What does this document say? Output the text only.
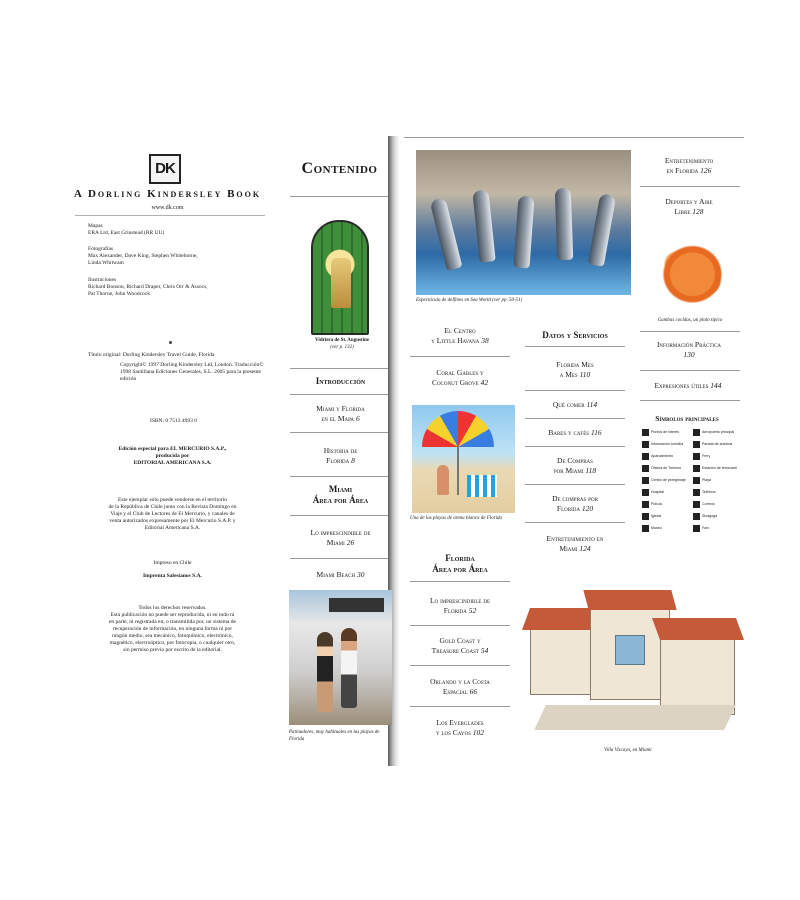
DK
A Dorling Kindersley Book
www.dk.com
Mapas
ERA Ltd, East Grinstead (RR UU)
Fotografías
Max Alexander, Dave King, Stephen Whitehorne,
Linda Whitwam
Ilustraciones
Richard Bonson, Richard Draper, Chris Orr & Assocs,
Pat Thorne, John Woodcock
Título original: Dorling Kindersley Travel Guide, Florida
Copyright© 1997 Dorling Kindersley Ltd, London. Traducción© 1998 Santillana Ediciones Generales, S.L. 2005 para la presente edición
ISBN: 0 7513 4993 0
Edición especial para EL MERCURIO S.A.P.,
producida por
EDITORIAL AMERICANA S.A.
Este ejemplar sólo puede venderse en el territorio
de la República de Chile junto con la Revista Domingo en
Viaje y el Club de Lectores de El Mercurio, y canales de
venta autorizados expresamente por El Mercurio S.A.P. y
Editorial Americana S.A.
Impreso en Chile
Imprenta Salesianos S.A.
Todos los derechos reservados.
Esta publicación no puede ser reproducida, ni en todo ni
en parte, ni registrada en, o transmitida por, un sistema de
recuperación de información, en ninguna forma ni por
ningún medio, sea mecánico, fotoquímico, electrónico,
magnético, electroóptico, por fotocopia, o cualquier otro,
sin permiso previo por escrito de la editorial.
Contenido
Vidriera de St. Augustine
(ver p. 132)
Introducción
Miami y Florida
en el Mapa 6
Historia de
Florida 8
Miami
Área por Área
Lo imprescindible de
Miami 26
Miami Beach 30
Patinadores, muy habituales en las playas de Florida
Espectáculo de delfines en Sea World (ver pp. 50-51)
El Centro
y Little Havana 38
Coral Gables y
Coconut Grove 42
Una de las playas de arena blanca de Florida
Florida
Área por Área
Lo imprescindible de
Florida 52
Gold Coast y
Treasure Coast 54
Orlando y la Costa
Espacial 66
Los Everglades
y los Cayos 102
Datos y Servicios
Florida Mes
a Mes 110
Qué comer 114
Bares y cafés 116
De Compras
por Miami 118
De compras por
Florida 120
Entretenimiento en
Miami 124
Entretenimiento
en Florida 126
Deportes y Aire
Libre 128
Gambas cocidas, un plato típico
Información Práctica
130
Expresiones útiles 144
Símbolos principales
Puntos de interés	Aeropuerto principal
Información turística	Parada de autobús
Aparcamiento	Ferry
Oficina de Turismo	Estación de ferrocarril
Centro de peregrinaje	Playa
Hospital	Teléfono
Policía	Correos
Iglesia	Sinagoga
Museo	Faro
Villa Vizcaya, en Miami
